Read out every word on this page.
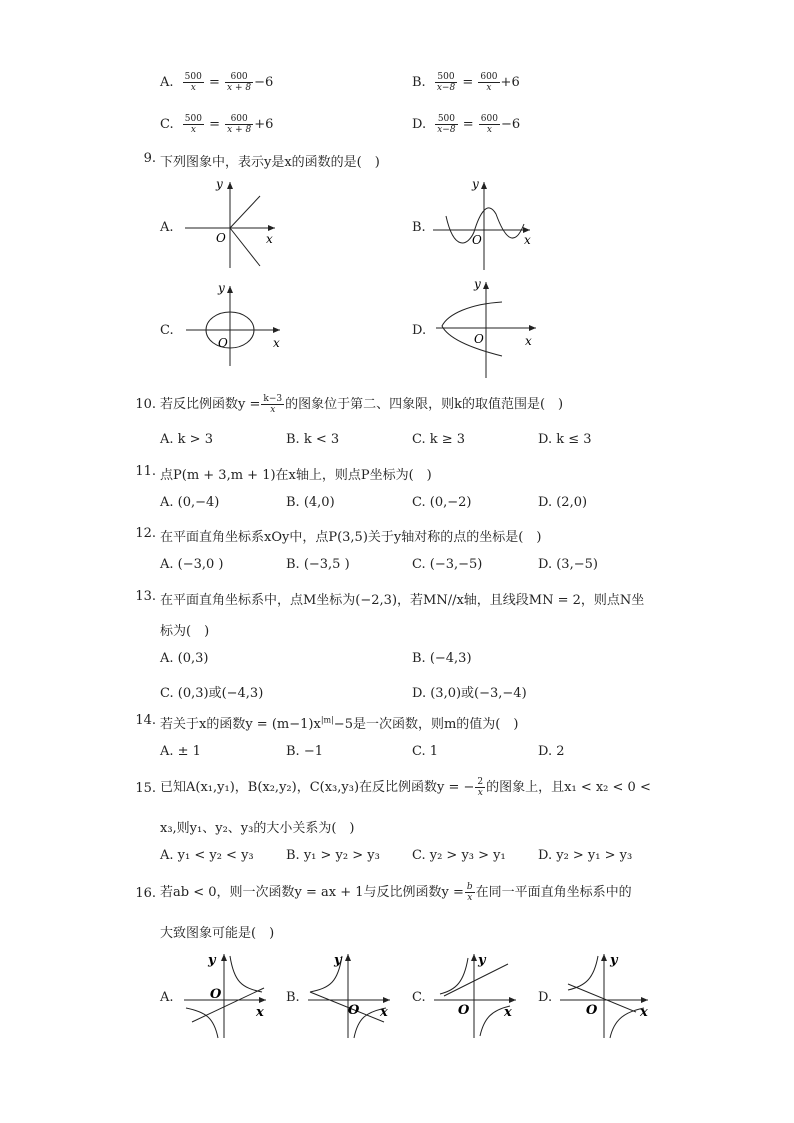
A. $\frac{500}{x} = \frac{600}{x + 8} -6$	B. $\frac{500}{x-8} = \frac{600}{x} +6$
C. $\frac{500}{x} = \frac{600}{x + 8} +6$	D. $\frac{500}{x-8} = \frac{600}{x} -6$
9. 下列图象中，表示y是x的函数的是(　)
A.
O	x
y
B.
O	x
y
C.
O	x
y
D.
O	x
y
10. 若反比例函数$y = \frac{k-3}{x}$ 的图象位于第二、四象限，则k的取值范围是(　)
A. k > 3	B. k < 3	C. k ≥ 3	D. k ≤ 3
11. 点P(m + 3,m + 1)在x轴上，则点P坐标为(　)
A. (0,−4)	B. (4,0)	C. (0,−2)	D. (2,0)
12. 在平面直角坐标系xOy中，点P(3,5)关于y轴对称的点的坐标是(　)
A. (−3,0 )	B. (−3,5 )	C. (−3,−5)	D. (3,−5)
13. 在平面直角坐标系中，点M坐标为(−2,3)，若MN//x轴，且线段MN = 2，则点N坐
标为(　)
A. (0,3)	B. (−4,3)
C. (0,3)或(−4,3)	D. (3,0)或(−3,−4)
14. 若关于x的函数$y = (m-1)x^{|m|}-5$是一次函数，则m的值为(　)
A. ± 1	B. −1	C. 1	D. 2
15. 已知A(x₁,y₁)，B(x₂,y₂)，C(x₃,y₃)在反比例函数y = − $\frac{2}{x}$ 的图象上，且x₁ < x₂ < 0 <
x₃,则y₁、y₂、y₃的大小关系为(　)
A. y₁ < y₂ < y₃ B. y₁ > y₂ > y₃ C. y₂ > y₃ > y₁ D. y₂ > y₁ > y₃
16. 若ab < 0，则一次函数y = ax + 1与反比例函数$y = \frac{b}{x}$ 在同一平面直角坐标系中的
大致图象可能是(　)
A.	O
x
y
B.
O x
y
C.
O	x
y
D.
O	x
y
